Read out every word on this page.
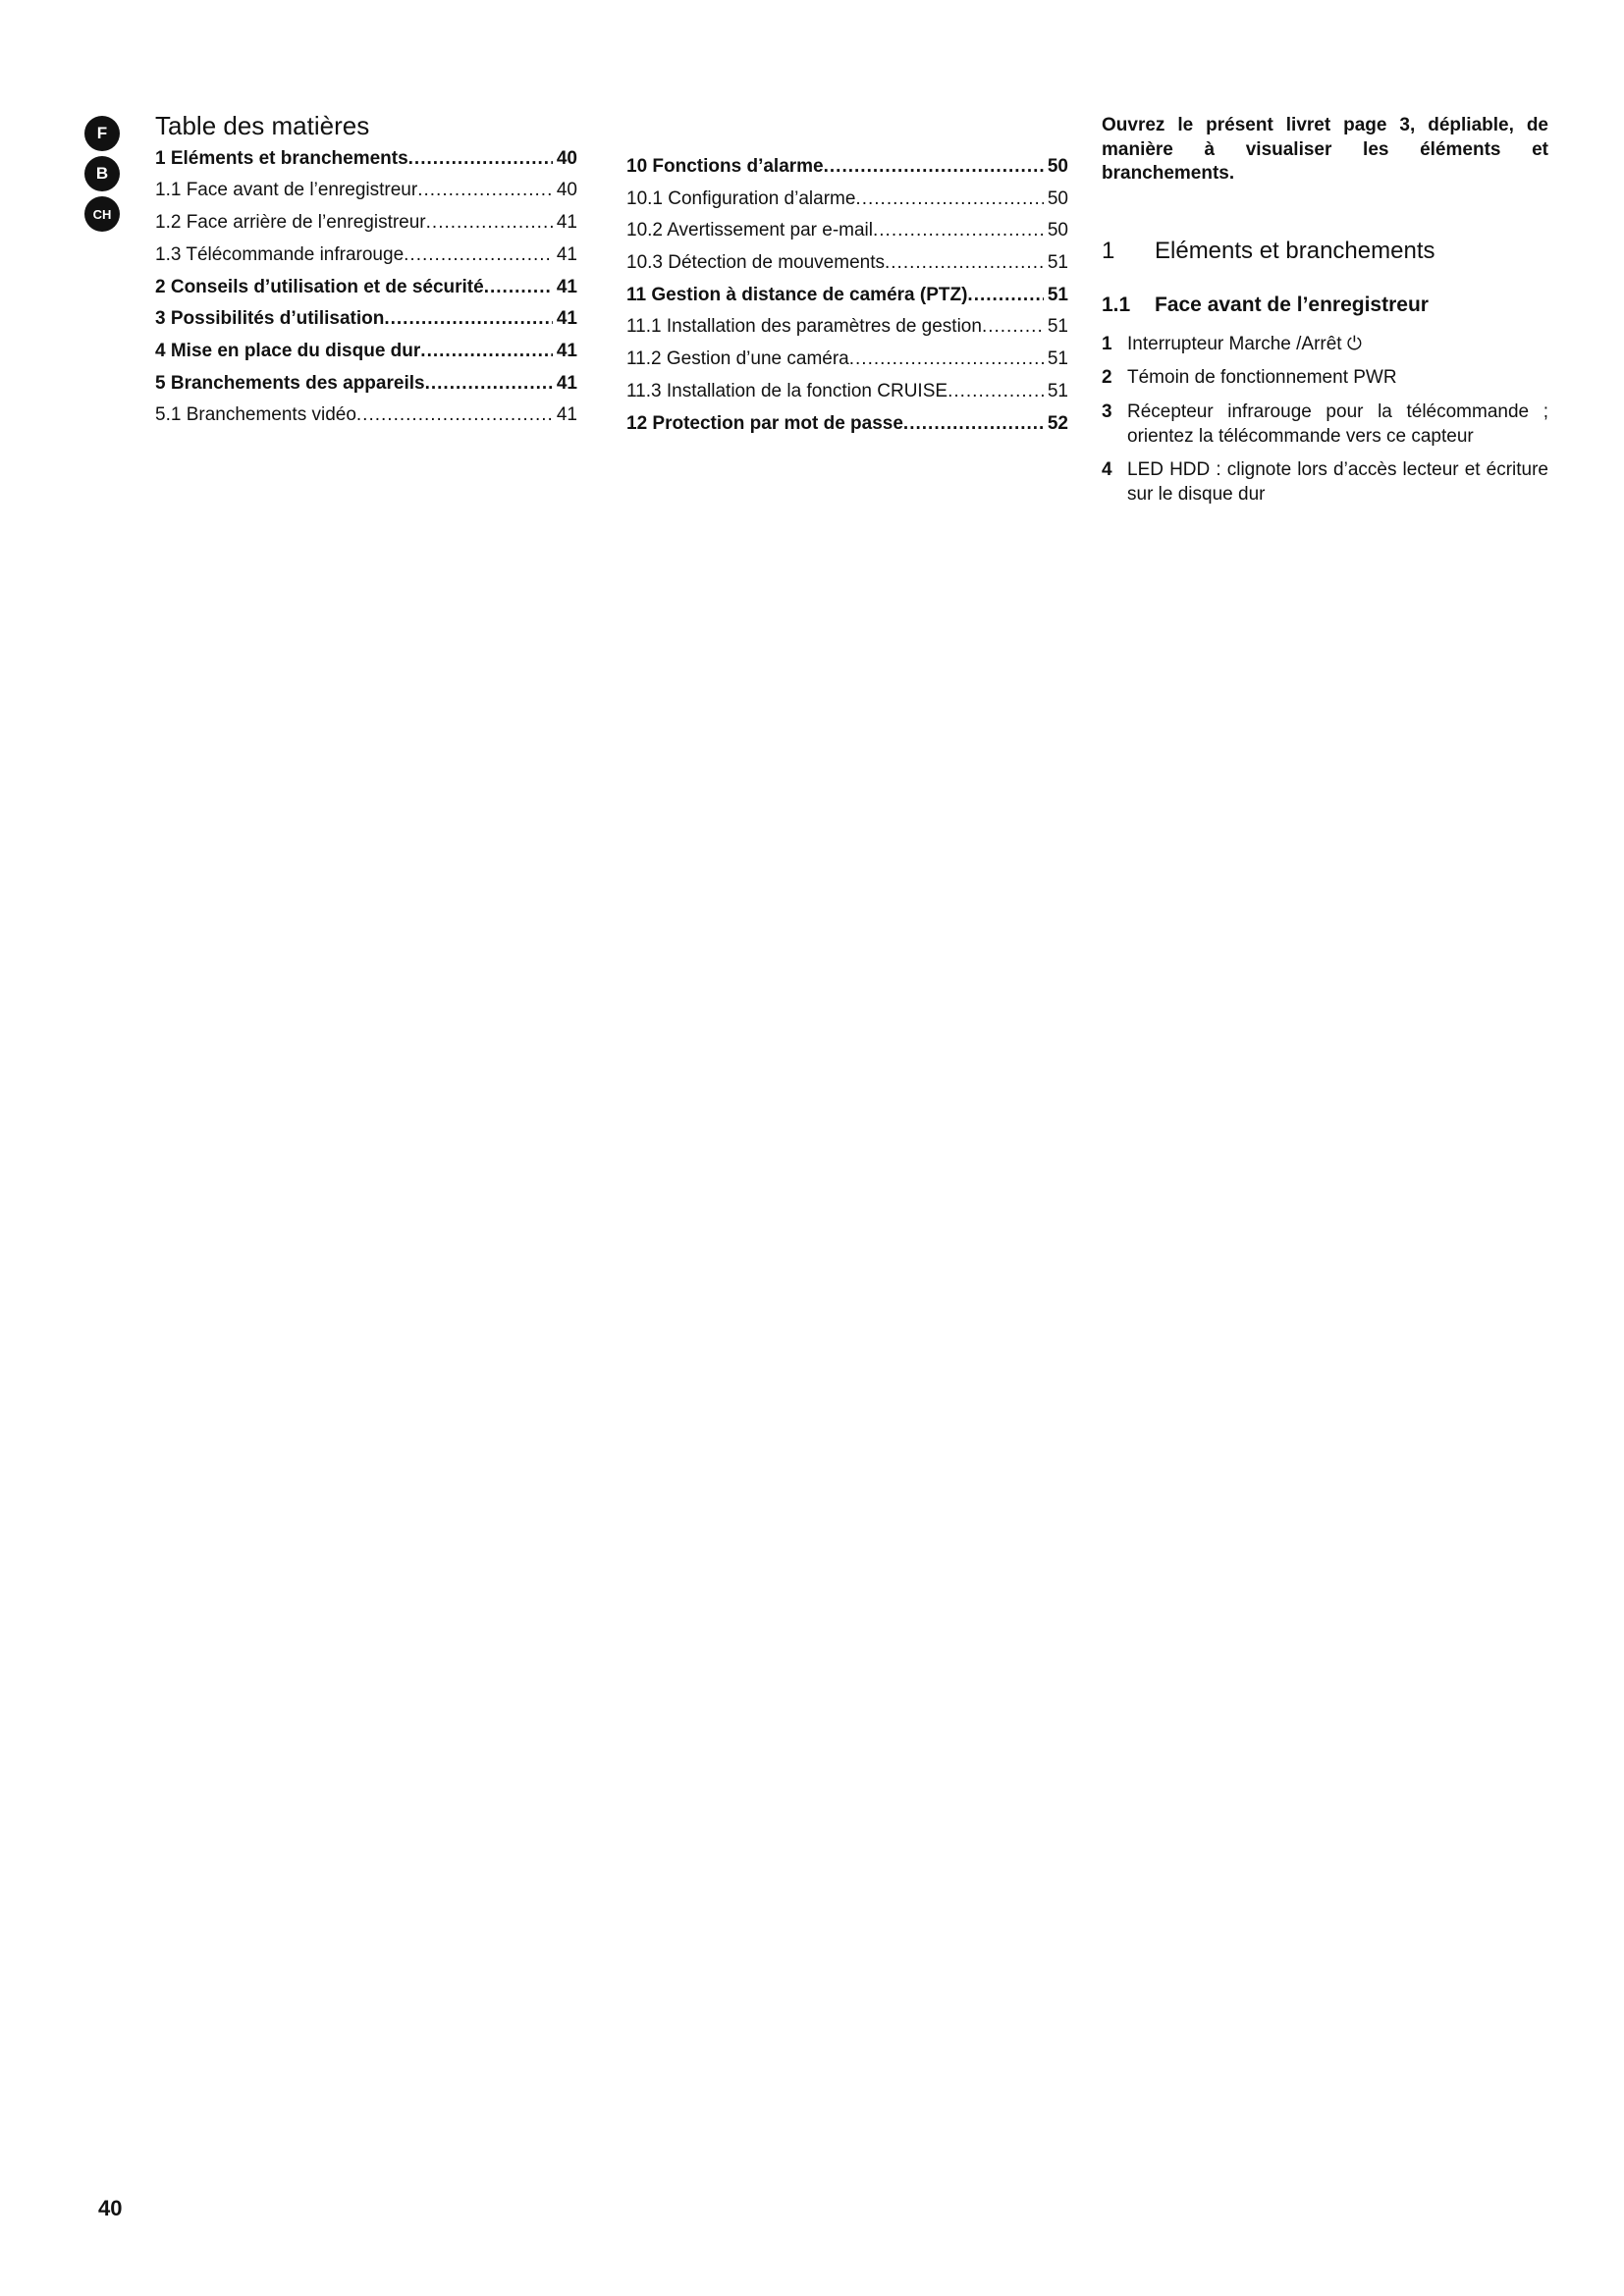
F
B
CH
Table des matières
1 Eléments et branchements .....	40
1.1 Face avant de l’enregistreur .....	40
1.2 Face arrière de l’enregistreur .....	41
1.3 Télécommande infrarouge .....	41
2 Conseils d’utilisation et de sécurité .....	41
3 Possibilités d’utilisation .....	41
4 Mise en place du disque dur .....	41
5 Branchements des appareils .....	41
5.1 Branchements vidéo .....	41
10 Fonctions d’alarme .....	50
10.1 Configuration d’alarme .....	50
10.2 Avertissement par e-mail .....	50
10.3 Détection de mouvements .....	51
11 Gestion à distance de caméra (PTZ) .....	51
11.1 Installation des paramètres de gestion .....	51
11.2 Gestion d’une caméra .....	51
11.3 Installation de la fonction CRUISE .....	51
12 Protection par mot de passe .....	52

Ouvrez le présent livret page 3, dépliable, de manière à visualiser les éléments et branchements.

1	Eléments et branchements
1.1	Face avant de l’enregistreur
1 Interrupteur Marche /Arrêt ⏻
2 Témoin de fonctionnement PWR
3 Récepteur infrarouge pour la télécommande ; orientez la télécommande vers ce capteur
4 LED HDD : clignote lors d’accès lecteur et écriture sur le disque dur
40
